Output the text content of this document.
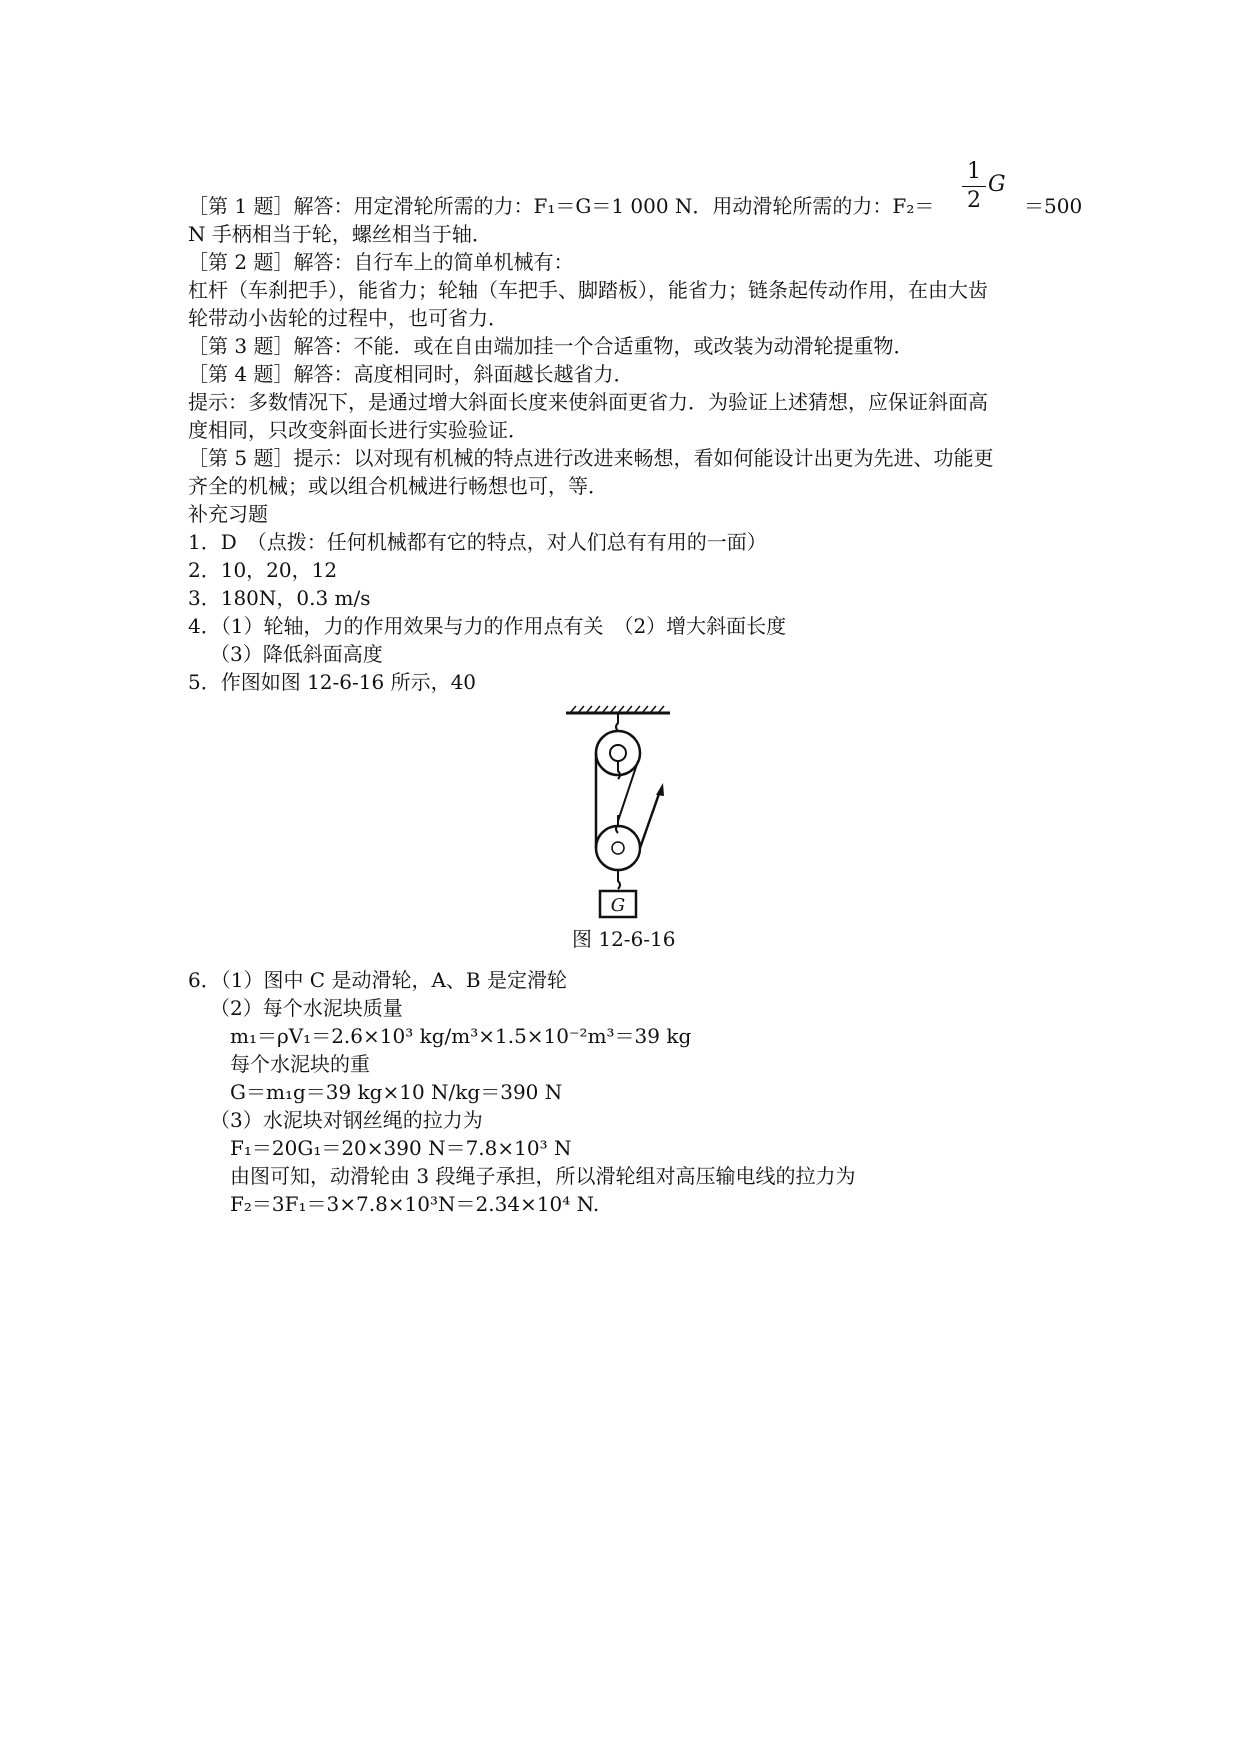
［第 1 题］解答：用定滑轮所需的力：F₁＝G＝1 000 N．用动滑轮所需的力：F₂＝
1
2
G
＝500
N 手柄相当于轮，螺丝相当于轴．
［第 2 题］解答：自行车上的简单机械有：
杠杆（车刹把手），能省力；轮轴（车把手、脚踏板），能省力；链条起传动作用，在由大齿
轮带动小齿轮的过程中，也可省力．
［第 3 题］解答：不能．或在自由端加挂一个合适重物，或改装为动滑轮提重物．
［第 4 题］解答：高度相同时，斜面越长越省力．
提示：多数情况下，是通过增大斜面长度来使斜面更省力．为验证上述猜想，应保证斜面高
度相同，只改变斜面长进行实验验证．
［第 5 题］提示：以对现有机械的特点进行改进来畅想，看如何能设计出更为先进、功能更
齐全的机械；或以组合机械进行畅想也可，等．
补充习题
1．D　（点拨：任何机械都有它的特点，对人们总有有用的一面）
2．10，20，12
3．180N，0.3 m/s
4．（1）轮轴，力的作用效果与力的作用点有关　（2）增大斜面长度
（3）降低斜面高度
5．作图如图 12-6-16 所示，40
G
图 12-6-16
6．（1）图中 C 是动滑轮，A、B 是定滑轮
（2）每个水泥块质量
m₁＝ρV₁＝2.6×10³ kg/m³×1.5×10⁻²m³＝39 kg
每个水泥块的重
G＝m₁g＝39 kg×10 N/kg＝390 N
（3）水泥块对钢丝绳的拉力为
F₁＝20G₁＝20×390 N＝7.8×10³ N
由图可知，动滑轮由 3 段绳子承担，所以滑轮组对高压输电线的拉力为
F₂＝3F₁＝3×7.8×10³N＝2.34×10⁴ N.
